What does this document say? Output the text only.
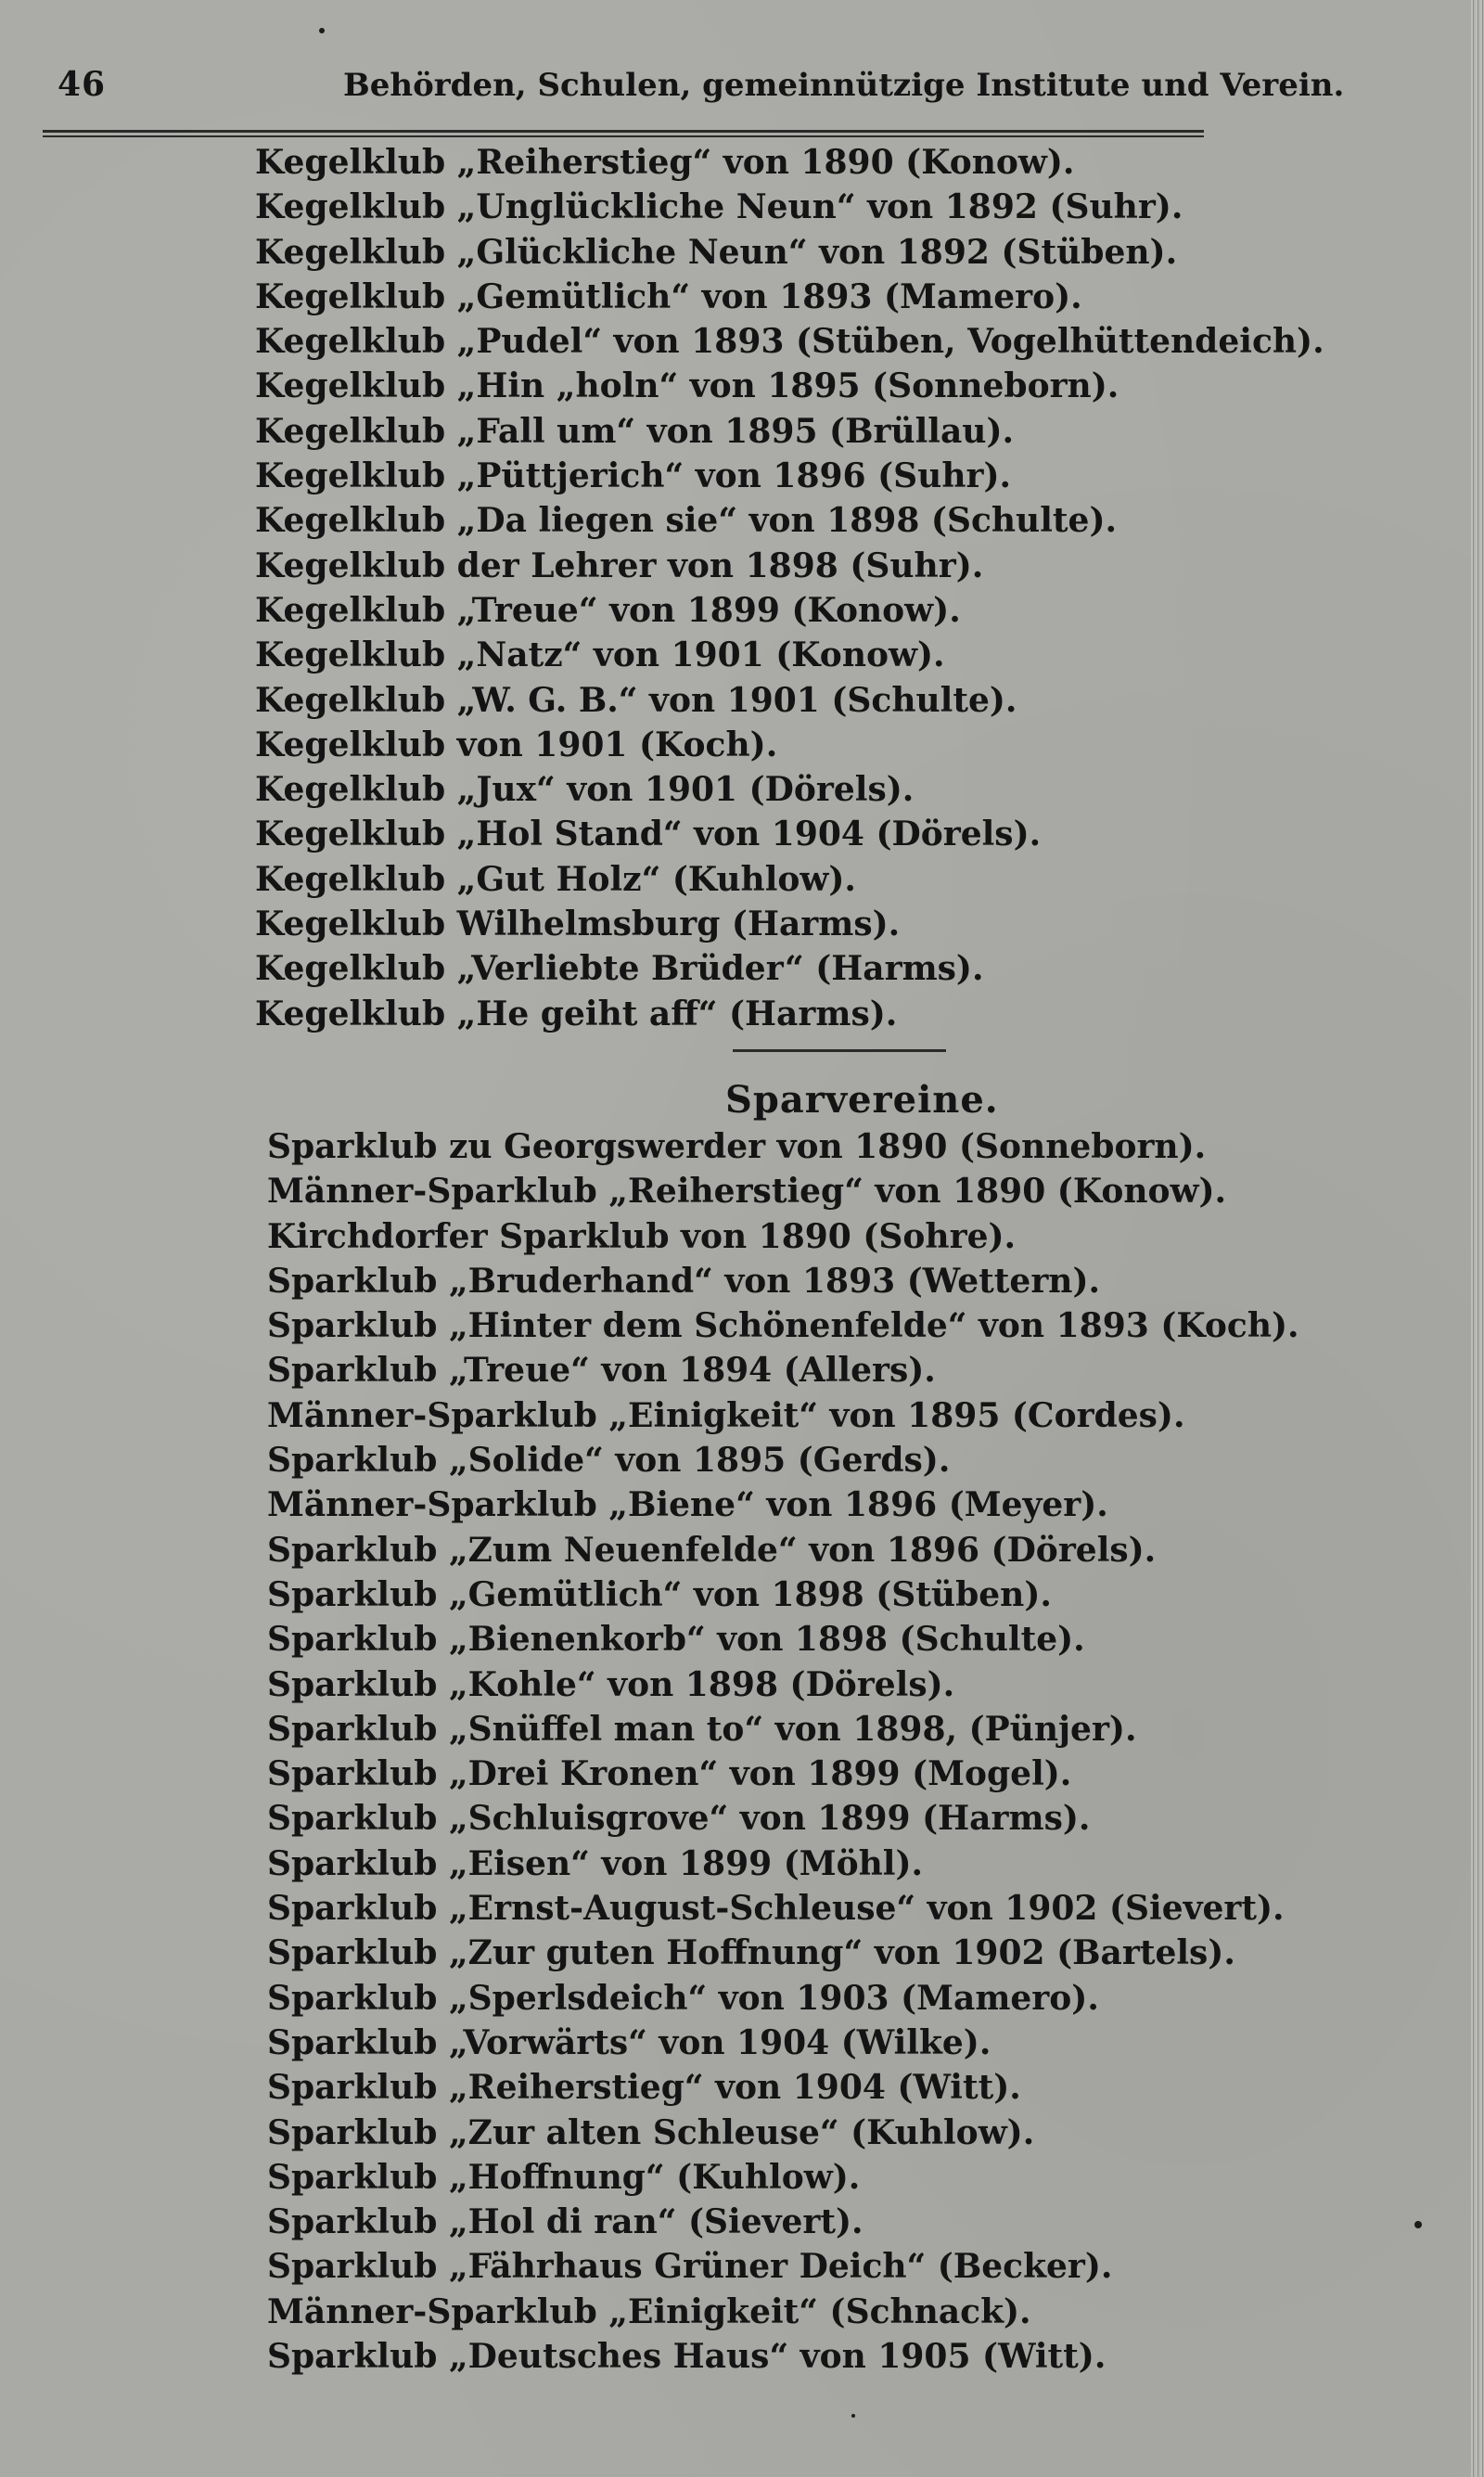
46	Behörden, Schulen, gemeinnützige Institute und Verein.
Kegelklub „Reiherstieg“ von 1890 (Konow).
Kegelklub „Unglückliche Neun“ von 1892 (Suhr).
Kegelklub „Glückliche Neun“ von 1892 (Stüben).
Kegelklub „Gemütlich“ von 1893 (Mamero).
Kegelklub „Pudel“ von 1893 (Stüben, Vogelhüttendeich).
Kegelklub „Hin „holn“ von 1895 (Sonneborn).
Kegelklub „Fall um“ von 1895 (Brüllau).
Kegelklub „Püttjerich“ von 1896 (Suhr).
Kegelklub „Da liegen sie“ von 1898 (Schulte).
Kegelklub der Lehrer von 1898 (Suhr).
Kegelklub „Treue“ von 1899 (Konow).
Kegelklub „Natz“ von 1901 (Konow).
Kegelklub „W. G. B.“ von 1901 (Schulte).
Kegelklub von 1901 (Koch).
Kegelklub „Jux“ von 1901 (Dörels).
Kegelklub „Hol Stand“ von 1904 (Dörels).
Kegelklub „Gut Holz“ (Kuhlow).
Kegelklub Wilhelmsburg (Harms).
Kegelklub „Verliebte Brüder“ (Harms).
Kegelklub „He geiht aff“ (Harms).
Sparvereine.
Sparklub zu Georgswerder von 1890 (Sonneborn).
Männer-Sparklub „Reiherstieg“ von 1890 (Konow).
Kirchdorfer Sparklub von 1890 (Sohre).
Sparklub „Bruderhand“ von 1893 (Wettern).
Sparklub „Hinter dem Schönenfelde“ von 1893 (Koch).
Sparklub „Treue“ von 1894 (Allers).
Männer-Sparklub „Einigkeit“ von 1895 (Cordes).
Sparklub „Solide“ von 1895 (Gerds).
Männer-Sparklub „Biene“ von 1896 (Meyer).
Sparklub „Zum Neuenfelde“ von 1896 (Dörels).
Sparklub „Gemütlich“ von 1898 (Stüben).
Sparklub „Bienenkorb“ von 1898 (Schulte).
Sparklub „Kohle“ von 1898 (Dörels).
Sparklub „Snüffel man to“ von 1898, (Pünjer).
Sparklub „Drei Kronen“ von 1899 (Mogel).
Sparklub „Schluisgrove“ von 1899 (Harms).
Sparklub „Eisen“ von 1899 (Möhl).
Sparklub „Ernst-August-Schleuse“ von 1902 (Sievert).
Sparklub „Zur guten Hoffnung“ von 1902 (Bartels).
Sparklub „Sperlsdeich“ von 1903 (Mamero).
Sparklub „Vorwärts“ von 1904 (Wilke).
Sparklub „Reiherstieg“ von 1904 (Witt).
Sparklub „Zur alten Schleuse“ (Kuhlow).
Sparklub „Hoffnung“ (Kuhlow).
Sparklub „Hol di ran“ (Sievert).
Sparklub „Fährhaus Grüner Deich“ (Becker).
Männer-Sparklub „Einigkeit“ (Schnack).
Sparklub „Deutsches Haus“ von 1905 (Witt).
